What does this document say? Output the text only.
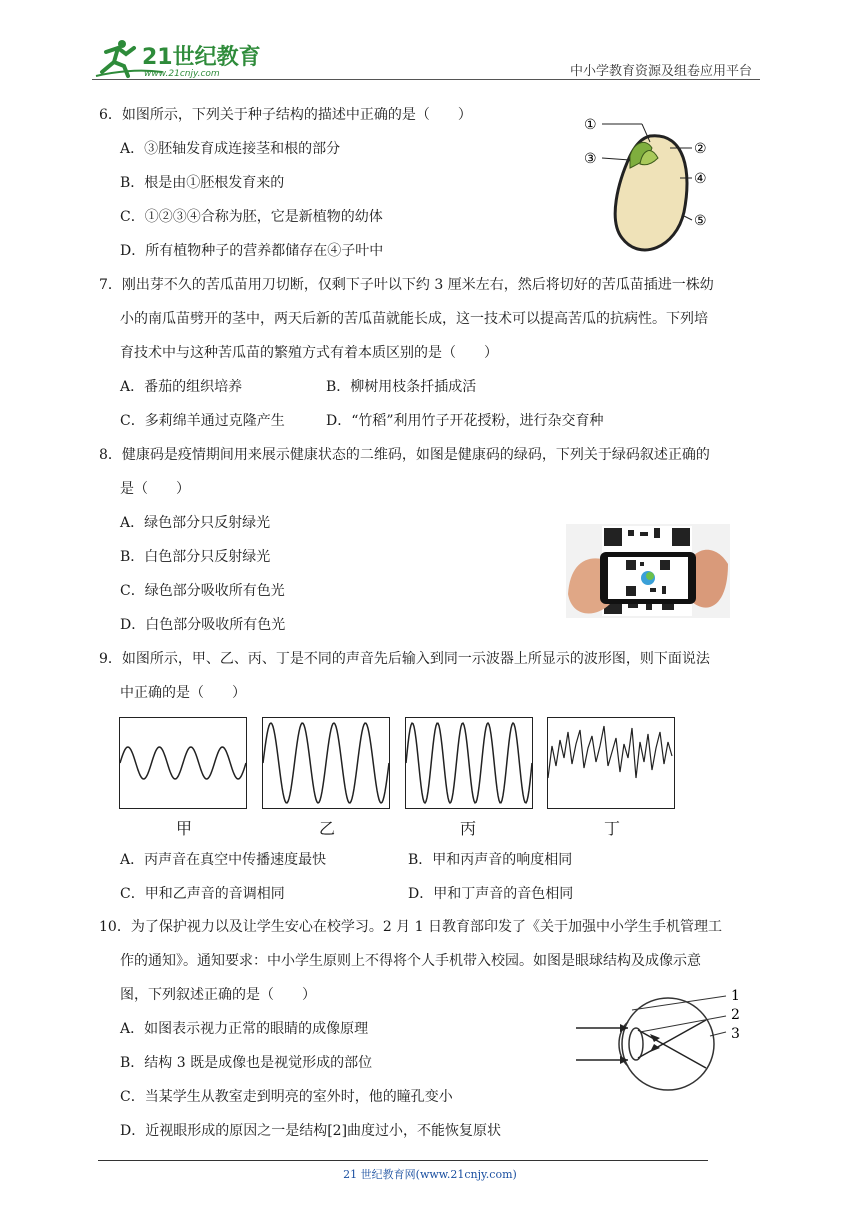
21世纪教育
www.21cnjy.com	中小学教育资源及组卷应用平台
6．如图所示，下列关于种子结构的描述中正确的是（　　）
A．③胚轴发育成连接茎和根的部分
B．根是由①胚根发育来的
C．①②③④合称为胚，它是新植物的幼体
D．所有植物种子的营养都储存在④子叶中
①
②
③
④
⑤
7．刚出芽不久的苦瓜苗用刀切断，仅剩下子叶以下约 3 厘米左右，然后将切好的苦瓜苗插进一株幼
小的南瓜苗劈开的茎中，两天后新的苦瓜苗就能长成，这一技术可以提高苦瓜的抗病性。下列培
育技术中与这种苦瓜苗的繁殖方式有着本质区别的是（　　）
A．番茄的组织培养	B．柳树用枝条扦插成活
C．多莉绵羊通过克隆产生	D．“竹稻”利用竹子开花授粉，进行杂交育种
8．健康码是疫情期间用来展示健康状态的二维码，如图是健康码的绿码，下列关于绿码叙述正确的
是（　　）
A．绿色部分只反射绿光
B．白色部分只反射绿光
C．绿色部分吸收所有色光
D．白色部分吸收所有色光
9．如图所示，甲、乙、丙、丁是不同的声音先后输入到同一示波器上所显示的波形图，则下面说法
中正确的是（　　）
甲	乙	丙	丁
A．丙声音在真空中传播速度最快	B．甲和丙声音的响度相同
C．甲和乙声音的音调相同	D．甲和丁声音的音色相同
10．为了保护视力以及让学生安心在校学习。2 月 1 日教育部印发了《关于加强中小学生手机管理工
作的通知》。通知要求：中小学生原则上不得将个人手机带入校园。如图是眼球结构及成像示意
图，下列叙述正确的是（　　）
A．如图表示视力正常的眼睛的成像原理
B．结构 3 既是成像也是视觉形成的部位
C．当某学生从教室走到明亮的室外时，他的瞳孔变小
D．近视眼形成的原因之一是结构[2]曲度过小，不能恢复原状
1
2
3
21 世纪教育网(www.21cnjy.com)
